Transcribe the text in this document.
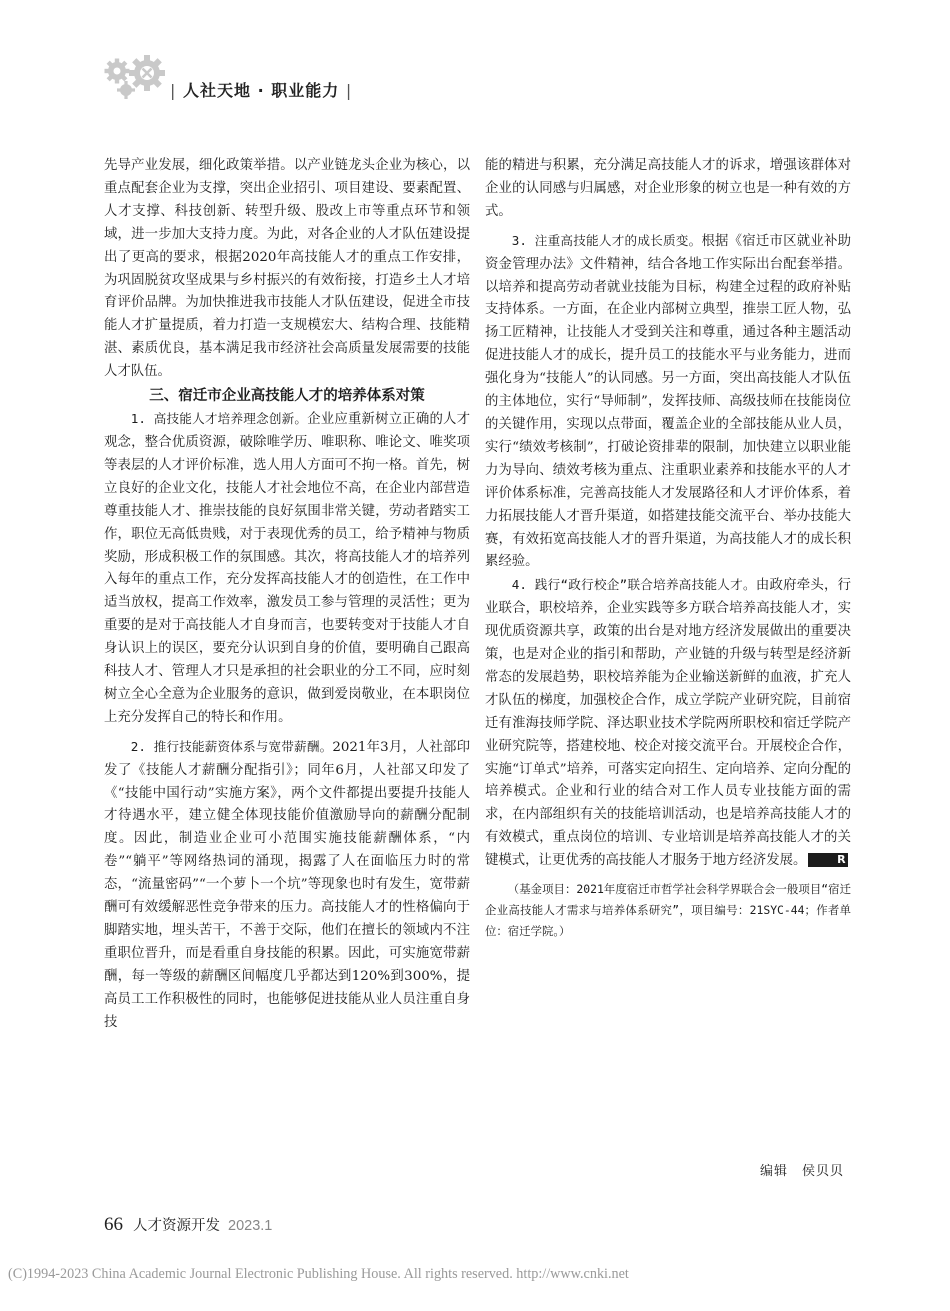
| 人社天地 · 职业能力 |

先导产业发展，细化政策举措。以产业链龙头企业为核心，以重点配套企业为支撑，突出企业招引、项目建设、要素配置、人才支撑、科技创新、转型升级、股改上市等重点环节和领域，进一步加大支持力度。为此，对各企业的人才队伍建设提出了更高的要求，根据2020年高技能人才的重点工作安排，为巩固脱贫攻坚成果与乡村振兴的有效衔接，打造乡土人才培育评价品牌。为加快推进我市技能人才队伍建设，促进全市技能人才扩量提质，着力打造一支规模宏大、结构合理、技能精湛、素质优良，基本满足我市经济社会高质量发展需要的技能人才队伍。

三、宿迁市企业高技能人才的培养体系对策

1. 高技能人才培养理念创新。企业应重新树立正确的人才观念，整合优质资源，破除唯学历、唯职称、唯论文、唯奖项等表层的人才评价标准，选人用人方面可不拘一格。首先，树立良好的企业文化，技能人才社会地位不高，在企业内部营造尊重技能人才、推崇技能的良好氛围非常关键，劳动者踏实工作，职位无高低贵贱，对于表现优秀的员工，给予精神与物质奖励，形成积极工作的氛围感。其次，将高技能人才的培养列入每年的重点工作，充分发挥高技能人才的创造性，在工作中适当放权，提高工作效率，激发员工参与管理的灵活性；更为重要的是对于高技能人才自身而言，也要转变对于技能人才自身认识上的误区，要充分认识到自身的价值，要明确自己跟高科技人才、管理人才只是承担的社会职业的分工不同，应时刻树立全心全意为企业服务的意识，做到爱岗敬业，在本职岗位上充分发挥自己的特长和作用。

2. 推行技能薪资体系与宽带薪酬。2021年3月，人社部印发了《技能人才薪酬分配指引》；同年6月，人社部又印发了《“技能中国行动”实施方案》，两个文件都提出要提升技能人才待遇水平，建立健全体现技能价值激励导向的薪酬分配制度。因此，制造业企业可小范围实施技能薪酬体系，“内卷”“躺平”等网络热词的涌现，揭露了人在面临压力时的常态，“流量密码”“一个萝卜一个坑”等现象也时有发生，宽带薪酬可有效缓解恶性竞争带来的压力。高技能人才的性格偏向于脚踏实地，埋头苦干，不善于交际，他们在擅长的领域内不注重职位晋升，而是看重自身技能的积累。因此，可实施宽带薪酬，每一等级的薪酬区间幅度几乎都达到120%到300%，提高员工工作积极性的同时，也能够促进技能从业人员注重自身技

能的精进与积累，充分满足高技能人才的诉求，增强该群体对企业的认同感与归属感，对企业形象的树立也是一种有效的方式。

3. 注重高技能人才的成长质变。根据《宿迁市区就业补助资金管理办法》文件精神，结合各地工作实际出台配套举措。以培养和提高劳动者就业技能为目标，构建全过程的政府补贴支持体系。一方面，在企业内部树立典型，推崇工匠人物，弘扬工匠精神，让技能人才受到关注和尊重，通过各种主题活动促进技能人才的成长，提升员工的技能水平与业务能力，进而强化身为“技能人”的认同感。另一方面，突出高技能人才队伍的主体地位，实行“导师制”，发挥技师、高级技师在技能岗位的关键作用，实现以点带面，覆盖企业的全部技能从业人员，实行“绩效考核制”，打破论资排辈的限制，加快建立以职业能力为导向、绩效考核为重点、注重职业素养和技能水平的人才评价体系标准，完善高技能人才发展路径和人才评价体系，着力拓展技能人才晋升渠道，如搭建技能交流平台、举办技能大赛，有效拓宽高技能人才的晋升渠道，为高技能人才的成长积累经验。

4. 践行“政行校企”联合培养高技能人才。由政府牵头，行业联合，职校培养，企业实践等多方联合培养高技能人才，实现优质资源共享，政策的出台是对地方经济发展做出的重要决策，也是对企业的指引和帮助，产业链的升级与转型是经济新常态的发展趋势，职校培养能为企业输送新鲜的血液，扩充人才队伍的梯度，加强校企合作，成立学院产业研究院，目前宿迁有淮海技师学院、泽达职业技术学院两所职校和宿迁学院产业研究院等，搭建校地、校企对接交流平台。开展校企合作，实施“订单式”培养，可落实定向招生、定向培养、定向分配的培养模式。企业和行业的结合对工作人员专业技能方面的需求，在内部组织有关的技能培训活动，也是培养高技能人才的有效模式，重点岗位的培训、专业培训是培养高技能人才的关键模式，让更优秀的高技能人才服务于地方经济发展。	R

（基金项目：2021年度宿迁市哲学社会科学界联合会一般项目“宿迁企业高技能人才需求与培养体系研究”，项目编号：21SYC-44；作者单位：宿迁学院。）

编辑 侯贝贝
66 人才资源开发 2023.1
(C)1994-2023 China Academic Journal Electronic Publishing House. All rights reserved. http://www.cnki.net
